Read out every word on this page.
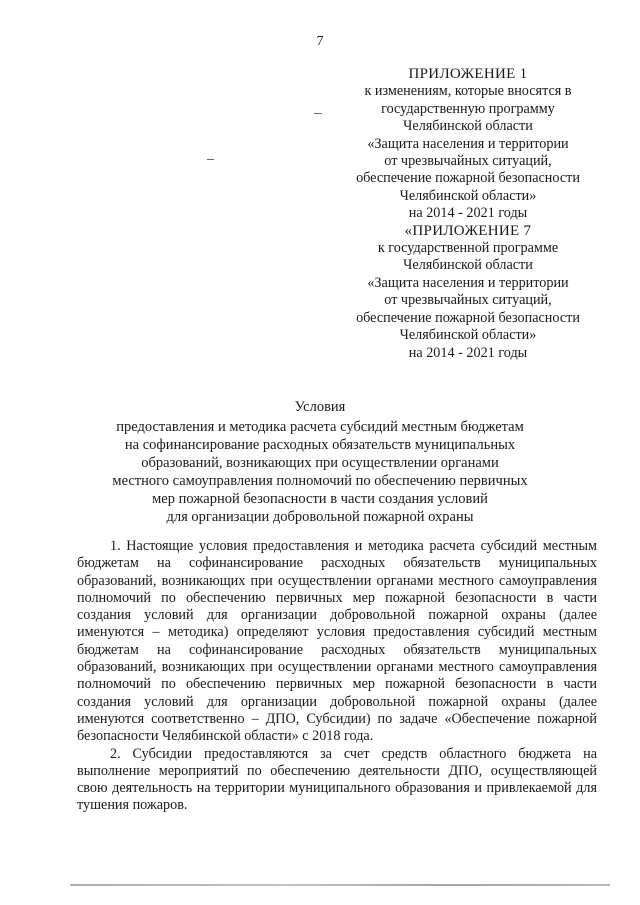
7
ПРИЛОЖЕНИЕ 1
к изменениям, которые вносятся в
государственную программу
Челябинской области
«Защита населения и территории
от чрезвычайных ситуаций,
обеспечение пожарной безопасности
Челябинской области»
на 2014 - 2021 годы
«ПРИЛОЖЕНИЕ 7
к государственной программе
Челябинской области
«Защита населения и территории
от чрезвычайных ситуаций,
обеспечение пожарной безопасности
Челябинской области»
на 2014 - 2021 годы
Условия
предоставления и методика расчета субсидий местным бюджетам
на софинансирование расходных обязательств муниципальных
образований, возникающих при осуществлении органами
местного самоуправления полномочий по обеспечению первичных
мер пожарной безопасности в части создания условий
для организации добровольной пожарной охраны

1. Настоящие условия предоставления и методика расчета субсидий местным бюджетам на софинансирование расходных обязательств муниципальных образований, возникающих при осуществлении органами местного самоуправления полномочий по обеспечению первичных мер пожарной безопасности в части создания условий для организации добровольной пожарной охраны (далее именуются – методика) определяют условия предоставления субсидий местным бюджетам на софинансирование расходных обязательств муниципальных образований, возникающих при осуществлении органами местного самоуправления полномочий по обеспечению первичных мер пожарной безопасности в части создания условий для организации добровольной пожарной охраны (далее именуются соответственно – ДПО, Субсидии) по задаче «Обеспечение пожарной безопасности Челябинской области» с 2018 года.

2. Субсидии предоставляются за счет средств областного бюджета на выполнение мероприятий по обеспечению деятельности ДПО, осуществляющей свою деятельность на территории муниципального образования и привлекаемой для тушения пожаров.
